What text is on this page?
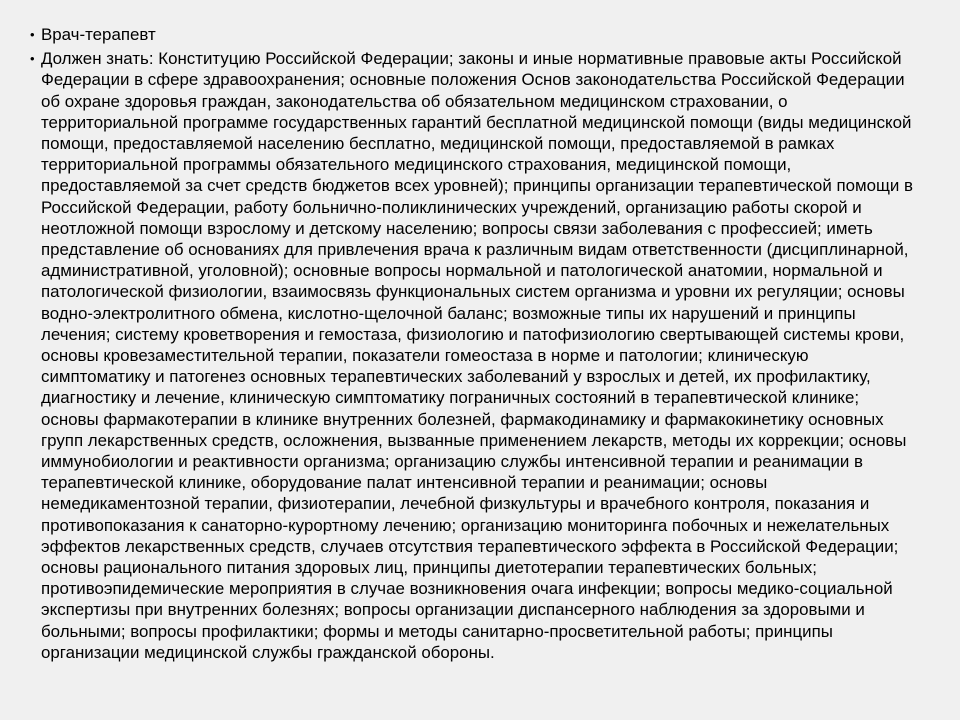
• Врач-терапевт
• Должен знать: Конституцию Российской Федерации; законы и иные нормативные правовые акты Российской Федерации в сфере здравоохранения; основные положения Основ законодательства Российской Федерации об охране здоровья граждан, законодательства об обязательном медицинском страховании, о территориальной программе государственных гарантий бесплатной медицинской помощи (виды медицинской помощи, предоставляемой населению бесплатно, медицинской помощи, предоставляемой в рамках территориальной программы обязательного медицинского страхования, медицинской помощи, предоставляемой за счет средств бюджетов всех уровней); принципы организации терапевтической помощи в Российской Федерации, работу больнично-поликлинических учреждений, организацию работы скорой и неотложной помощи взрослому и детскому населению; вопросы связи заболевания с профессией; иметь представление об основаниях для привлечения врача к различным видам ответственности (дисциплинарной, административной, уголовной); основные вопросы нормальной и патологической анатомии, нормальной и патологической физиологии, взаимосвязь функциональных систем организма и уровни их регуляции; основы водно-электролитного обмена, кислотно-щелочной баланс; возможные типы их нарушений и принципы лечения; систему кроветворения и гемостаза, физиологию и патофизиологию свертывающей системы крови, основы кровезаместительной терапии, показатели гомеостаза в норме и патологии; клиническую симптоматику и патогенез основных терапевтических заболеваний у взрослых и детей, их профилактику, диагностику и лечение, клиническую симптоматику пограничных состояний в терапевтической клинике; основы фармакотерапии в клинике внутренних болезней, фармакодинамику и фармакокинетику основных групп лекарственных средств, осложнения, вызванные применением лекарств, методы их коррекции; основы иммунобиологии и реактивности организма; организацию службы интенсивной терапии и реанимации в терапевтической клинике, оборудование палат интенсивной терапии и реанимации; основы немедикаментозной терапии, физиотерапии, лечебной физкультуры и врачебного контроля, показания и противопоказания к санаторно-курортному лечению; организацию мониторинга побочных и нежелательных эффектов лекарственных средств, случаев отсутствия терапевтического эффекта в Российской Федерации; основы рационального питания здоровых лиц, принципы диетотерапии терапевтических больных; противоэпидемические мероприятия в случае возникновения очага инфекции; вопросы медико-социальной экспертизы при внутренних болезнях; вопросы организации диспансерного наблюдения за здоровыми и больными; вопросы профилактики; формы и методы санитарно-просветительной работы; принципы организации медицинской службы гражданской обороны.
